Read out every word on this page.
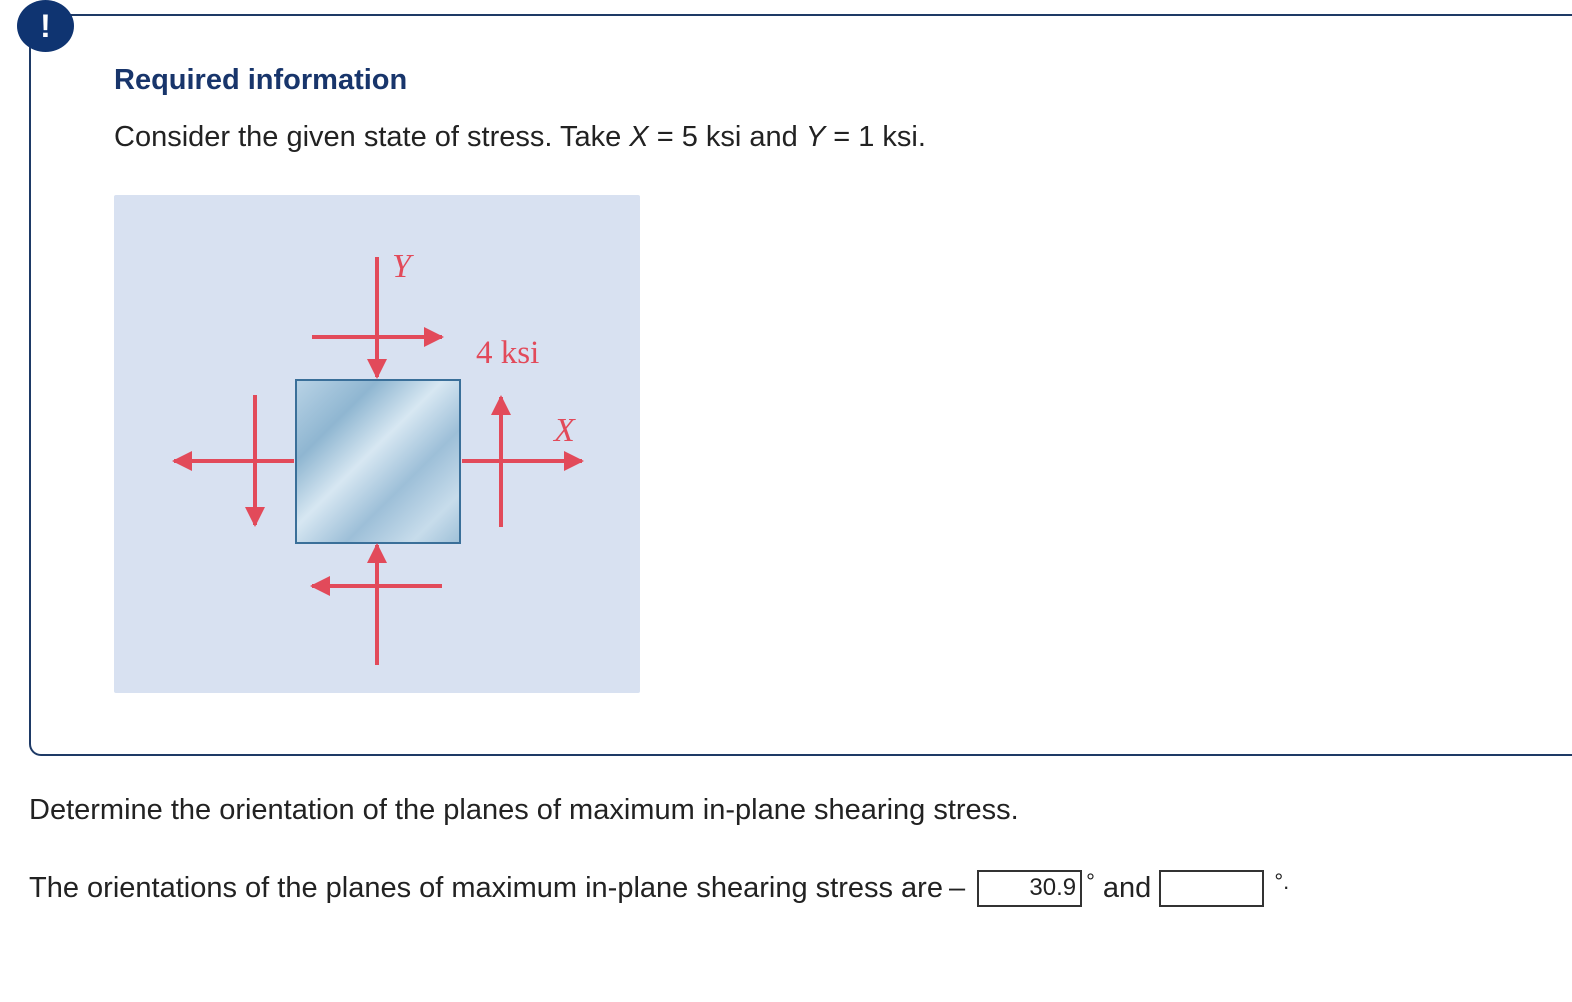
!
Required information
Consider the given state of stress. Take X = 5 ksi and Y = 1 ksi.
Y
4 ksi
X
Determine the orientation of the planes of maximum in-plane shearing stress.
The orientations of the planes of maximum in-plane shearing stress are –
30.9	° and	°.
